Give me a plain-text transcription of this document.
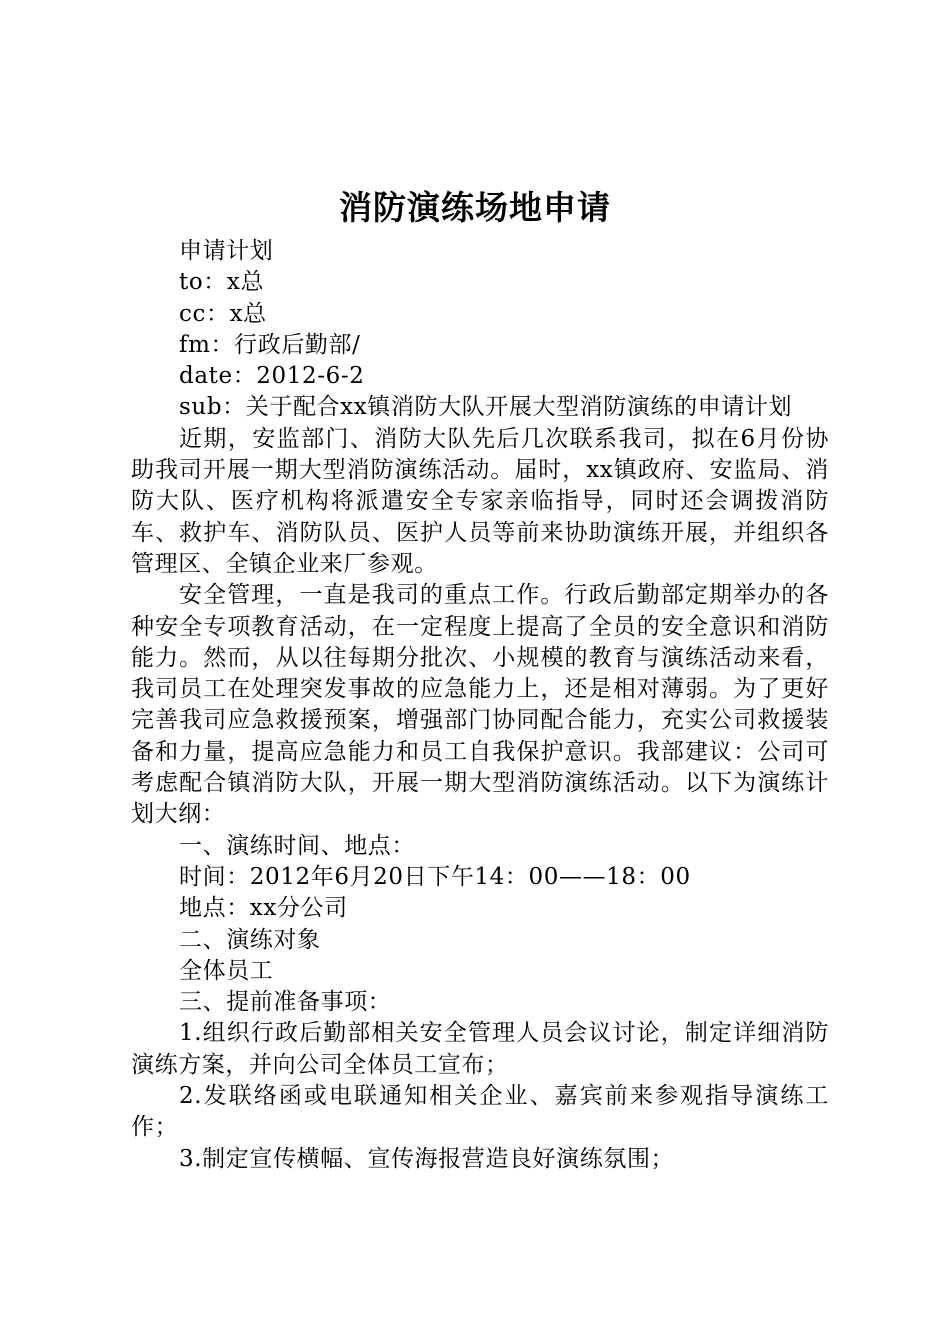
消防演练场地申请

申请计划

to：x总

cc：x总

fm：行政后勤部/

date：2012-6-2

sub：关于配合xx镇消防大队开展大型消防演练的申请计划

近期，安监部门、消防大队先后几次联系我司，拟在6月份协助我司开展一期大型消防演练活动。届时，xx镇政府、安监局、消防大队、医疗机构将派遣安全专家亲临指导，同时还会调拨消防车、救护车、消防队员、医护人员等前来协助演练开展，并组织各管理区、全镇企业来厂参观。

安全管理，一直是我司的重点工作。行政后勤部定期举办的各种安全专项教育活动，在一定程度上提高了全员的安全意识和消防能力。然而，从以往每期分批次、小规模的教育与演练活动来看，我司员工在处理突发事故的应急能力上，还是相对薄弱。为了更好完善我司应急救援预案，增强部门协同配合能力，充实公司救援装备和力量，提高应急能力和员工自我保护意识。我部建议：公司可考虑配合镇消防大队，开展一期大型消防演练活动。以下为演练计划大纲：

一、演练时间、地点：

时间：2012年6月20日下午14：00——18：00

地点：xx分公司

二、演练对象

全体员工

三、提前准备事项：

1.组织行政后勤部相关安全管理人员会议讨论，制定详细消防演练方案，并向公司全体员工宣布；

2.发联络函或电联通知相关企业、嘉宾前来参观指导演练工作；

3.制定宣传横幅、宣传海报营造良好演练氛围；
